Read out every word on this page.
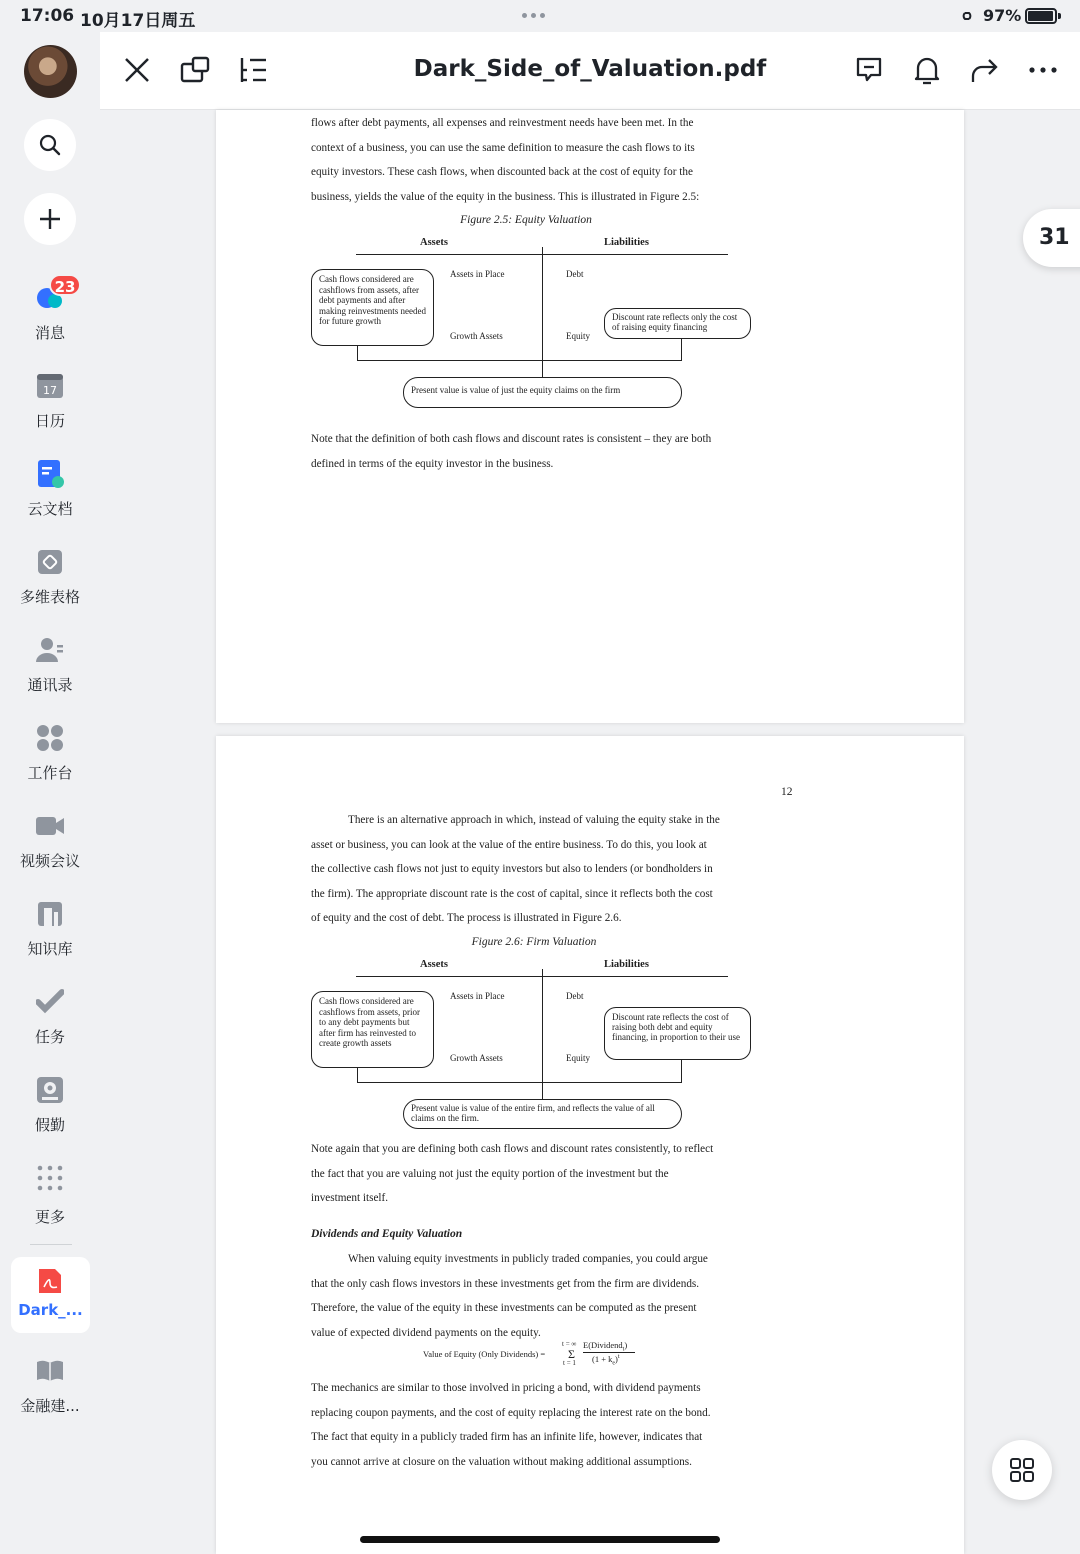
17:06 10月17日周五	97%
23
消息
17
日历
云文档
多维表格
通讯录
工作台
视频会议
知识库
任务
假勤
更多
Dark_...
金融建...
Dark_Side_of_Valuation.pdf
flows after debt payments, all expenses and reinvestment needs have been met. In the
context of a business, you can use the same definition to measure the cash flows to its
equity investors. These cash flows, when discounted back at the cost of equity for the
business, yields the value of the equity in the business. This is illustrated in Figure 2.5:
Figure 2.5: Equity Valuation
Assets	Liabilities
Assets in Place
Growth Assets
Debt
Equity
Cash flows considered are cashflows from assets, after debt payments and after making reinvestments needed for future growth	Discount rate reflects only the cost of raising equity financing
Present value is value of just the equity claims on the firm
Note that the definition of both cash flows and discount rates is consistent – they are both
defined in terms of the equity investor in the business.
12
There is an alternative approach in which, instead of valuing the equity stake in the
asset or business, you can look at the value of the entire business. To do this, you look at
the collective cash flows not just to equity investors but also to lenders (or bondholders in
the firm). The appropriate discount rate is the cost of capital, since it reflects both the cost
of equity and the cost of debt. The process is illustrated in Figure 2.6.
Figure 2.6: Firm Valuation
Assets	Liabilities
Assets in Place
Growth Assets
Debt
Equity
Cash flows considered are cashflows from assets, prior to any debt payments but after firm has reinvested to create growth assets
Discount rate reflects the cost of raising both debt and equity financing, in proportion to their use
Present value is value of the entire firm, and reflects the value of all claims on the firm.
Note again that you are defining both cash flows and discount rates consistently, to reflect
the fact that you are valuing not just the equity portion of the investment but the
investment itself.
Dividends and Equity Valuation
When valuing equity investments in publicly traded companies, you could argue
that the only cash flows investors in these investments get from the firm are dividends.
Therefore, the value of the equity in these investments can be computed as the present
value of expected dividend payments on the equity.
Value of Equity (Only Dividends) =
t = ∞
Σ
t = 1
E(Dividend$_t$)
$(1 + k_e)^t$
The mechanics are similar to those involved in pricing a bond, with dividend payments
replacing coupon payments, and the cost of equity replacing the interest rate on the bond.
The fact that equity in a publicly traded firm has an infinite life, however, indicates that
you cannot arrive at closure on the valuation without making additional assumptions.
31
